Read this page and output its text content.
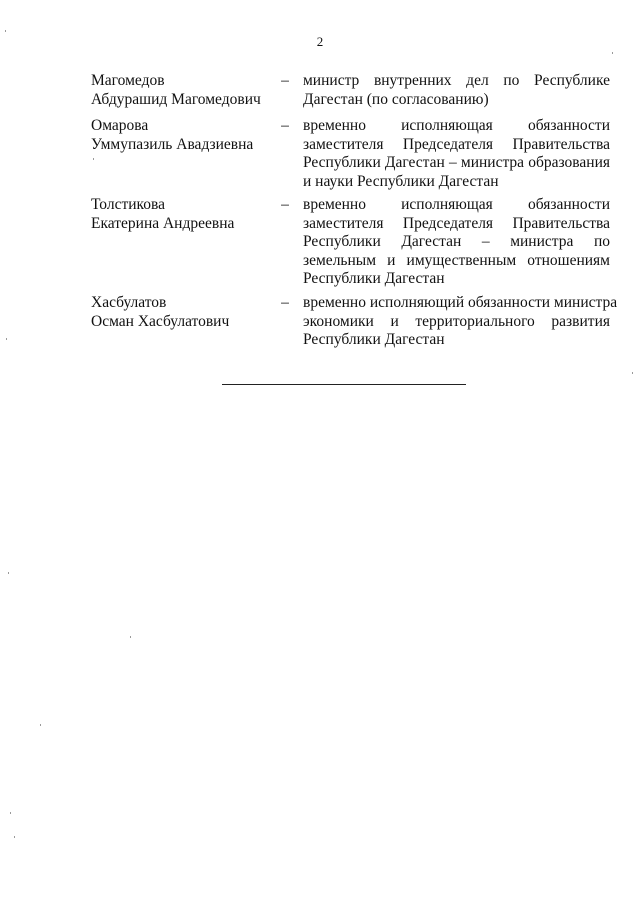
2
Магомедов
Абдурашид Магомедович
– министр внутренних дел по Республике
Дагестан (по согласованию)
Омарова
Уммупазиль Авадзиевна
– временно исполняющая обязанности
заместителя Председателя Правительства
Республики Дагестан – министра образования
и науки Республики Дагестан
Толстикова
Екатерина Андреевна
– временно исполняющая обязанности
заместителя Председателя Правительства
Республики Дагестан – министра по
земельным и имущественным отношениям
Республики Дагестан
Хасбулатов
Осман Хасбулатович
– временно исполняющий обязанности министра
экономики и территориального развития
Республики Дагестан
